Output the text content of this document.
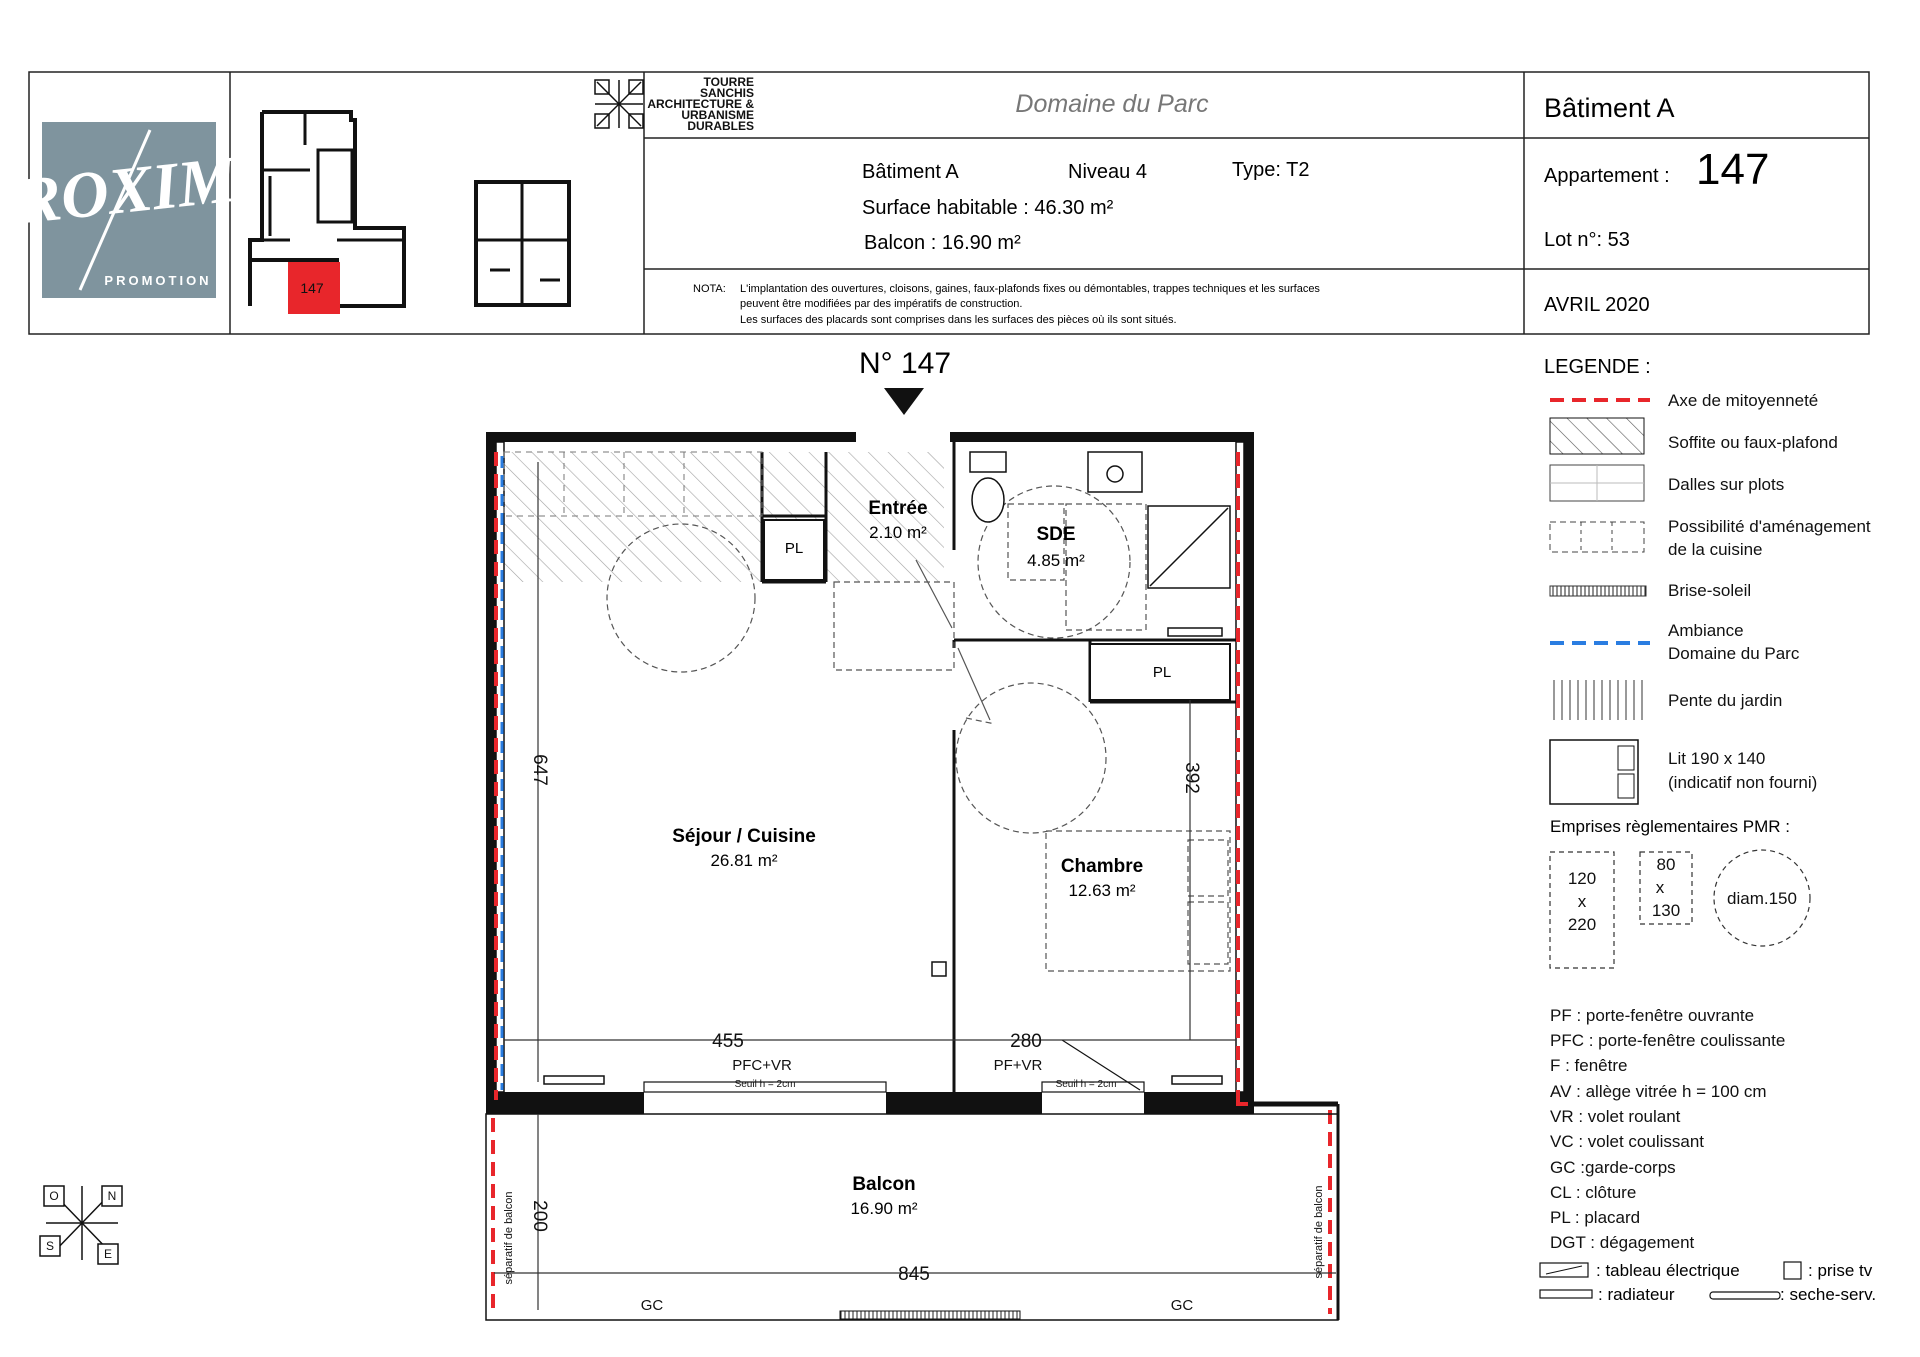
ROXIM
PROMOTION	147
TOURRE
SANCHIS
ARCHITECTURE &
URBANISME
DURABLES
Domaine du Parc
Bâtiment A	Niveau 4	Type: T2
Surface habitable : 46.30 m²
Balcon : 16.90 m²
NOTA: L'implantation des ouvertures, cloisons, gaines, faux-plafonds fixes ou démontables, trappes techniques et les surfaces
peuvent être modifiées par des impératifs de construction.
Les surfaces des placards sont comprises dans les surfaces des pièces où ils sont situés.
Bâtiment A
Appartement : 147
Lot n°: 53
AVRIL 2020
N° 147
PL
PL
Entrée
2.10 m²	SDE
4.85 m²
Séjour / Cuisine
26.81 m²	Chambre
12.63 m²
Balcon
16.90 m²
647	392
455	280
200
845
PFC+VR	PF+VR
GC	GC
Seuil h = 2cm	Seuil h = 2cm
séparatif de balcon	séparatif de balcon
O	N
S
E
LEGENDE :
Axe de mitoyenneté
Soffite ou faux-plafond
Dalles sur plots
Possibilité d'aménagement
de la cuisine
Brise-soleil
Ambiance
Domaine du Parc
Pente du jardin
Lit 190 x 140
(indicatif non fourni)
Emprises règlementaires PMR :
120
x
220
80
x
130
diam.150
PF : porte-fenêtre ouvrante
PFC : porte-fenêtre coulissante
F : fenêtre
AV : allège vitrée h = 100 cm
VR : volet roulant
VC : volet coulissant
GC :garde-corps
CL : clôture
PL : placard
DGT : dégagement
: tableau électrique	: prise tv
: radiateur	: seche-serv.
